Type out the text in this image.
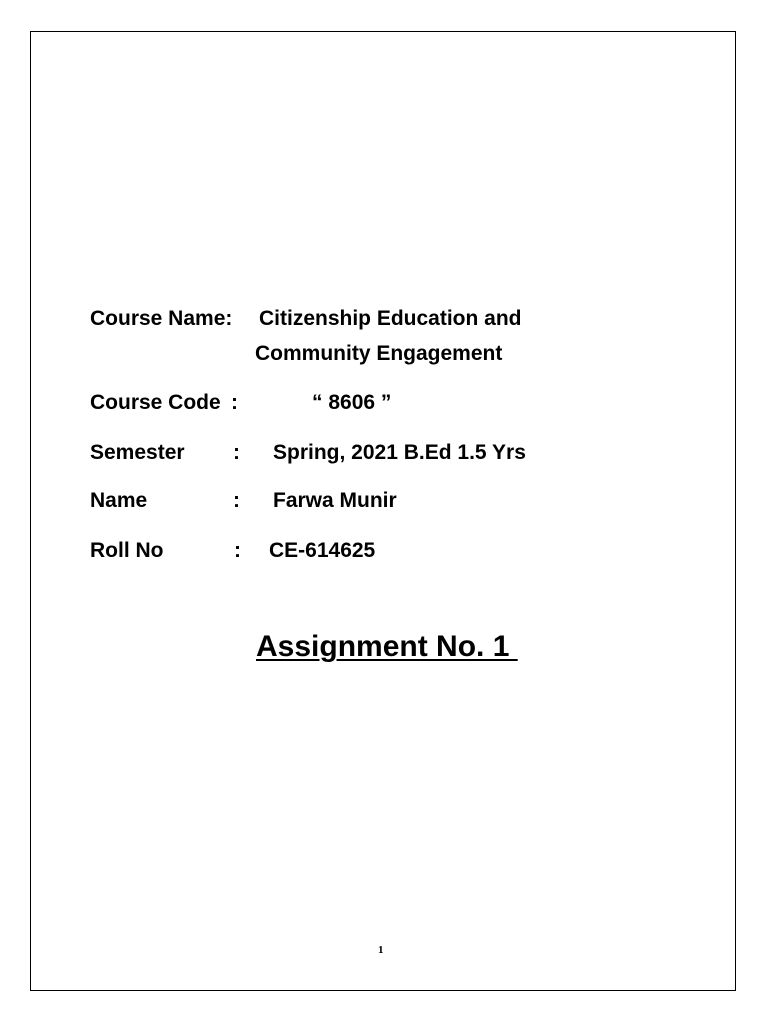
Course Name: Citizenship Education and
Community Engagement
Course Code :	“ 8606 ”
Semester : Spring, 2021 B.Ed 1.5 Yrs
Name	: Farwa Munir
Roll No	: CE-614625
Assignment No. 1
1
